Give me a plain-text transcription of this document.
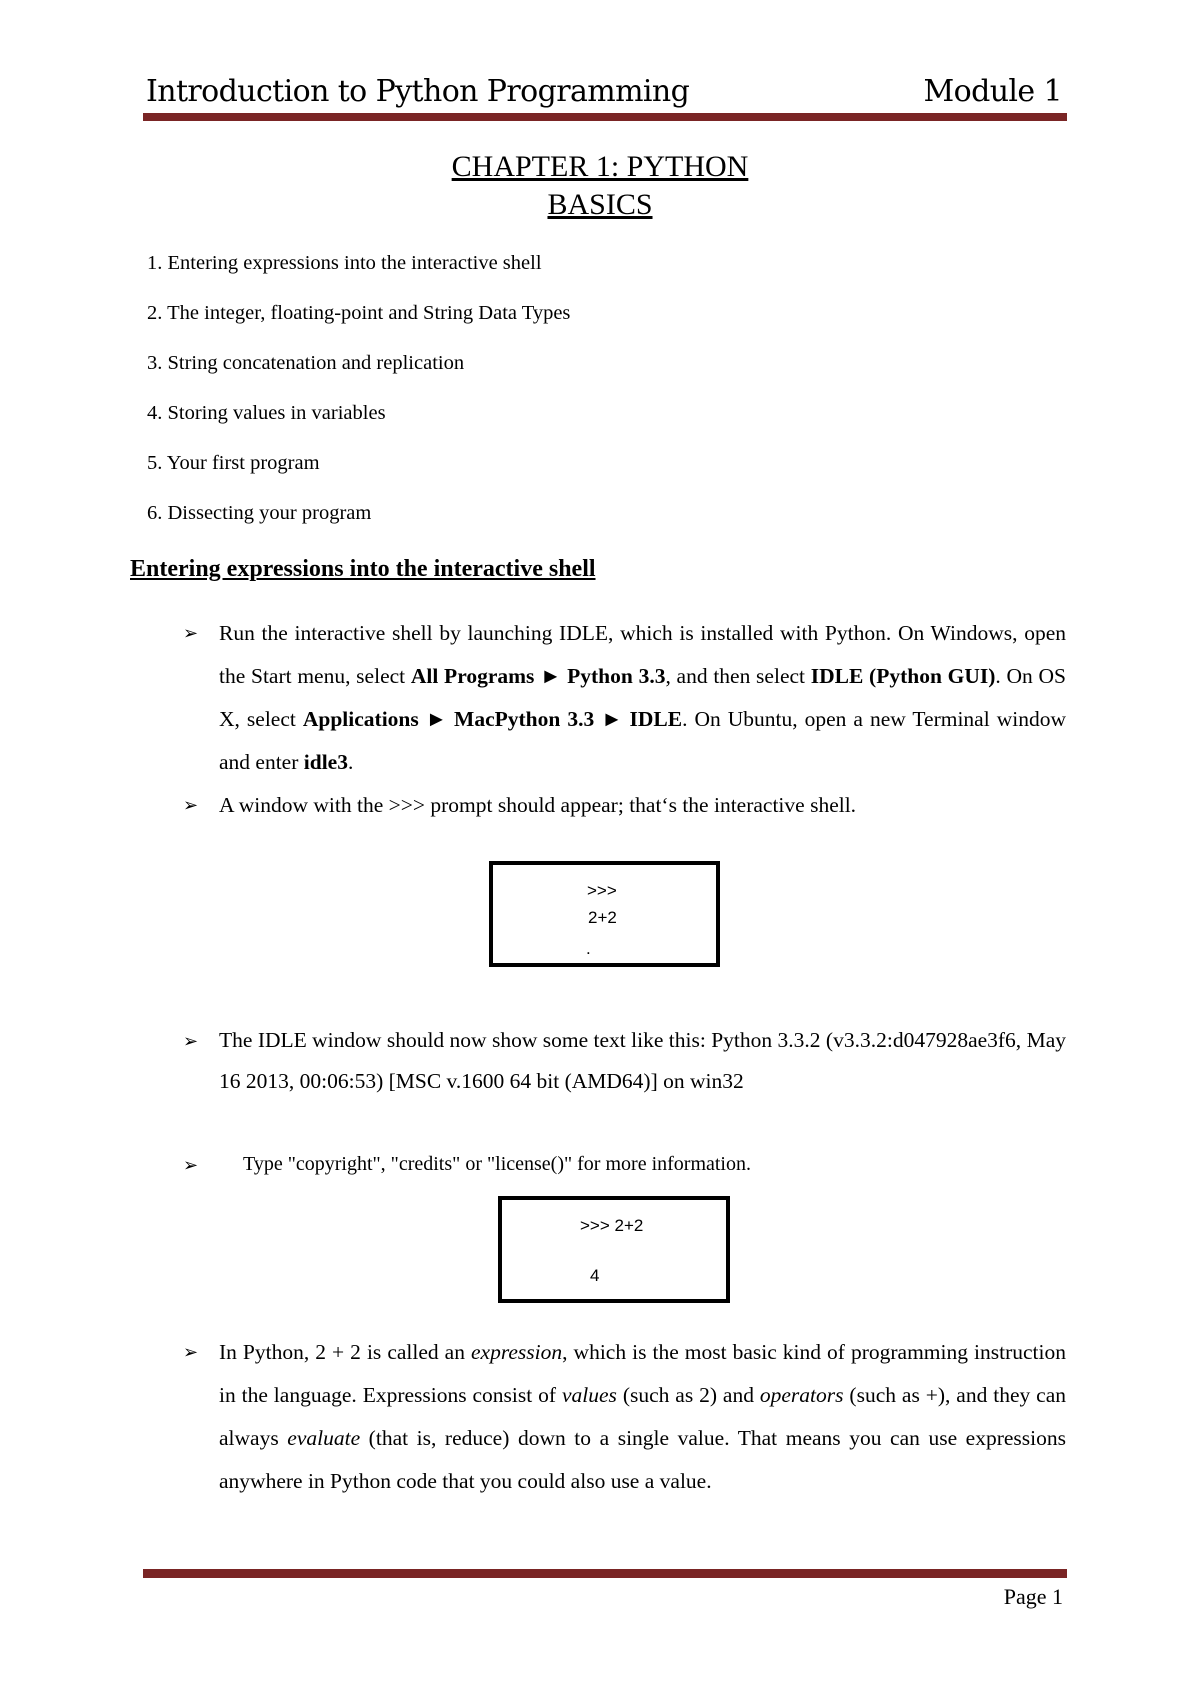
Introduction to Python Programming	Module 1
CHAPTER 1: PYTHON
BASICS
1. Entering expressions into the interactive shell
2. The integer, floating-point and String Data Types
3. String concatenation and replication
4. Storing values in variables
5. Your first program
6. Dissecting your program
Entering expressions into the interactive shell
➢ Run the interactive shell by launching IDLE, which is installed with Python. On Windows, open the Start menu, select All Programs ► Python 3.3, and then select IDLE (Python GUI). On OS X, select Applications ► MacPython 3.3 ► IDLE. On Ubuntu, open a new Terminal window and enter idle3.
➢ A window with the >>> prompt should appear; that‘s the interactive shell.
>>>
2+2
.
➢ The IDLE window should now show some text like this: Python 3.3.2 (v3.3.2:d047928ae3f6, May 16 2013, 00:06:53) [MSC v.1600 64 bit (AMD64)] on win32
➢ Type "copyright", "credits" or "license()" for more information.
>>> 2+2
4
➢ In Python, 2 + 2 is called an expression, which is the most basic kind of programming instruction in the language. Expressions consist of values (such as 2) and operators (such as +), and they can always evaluate (that is, reduce) down to a single value. That means you can use expressions anywhere in Python code that you could also use a value.
Page 1
